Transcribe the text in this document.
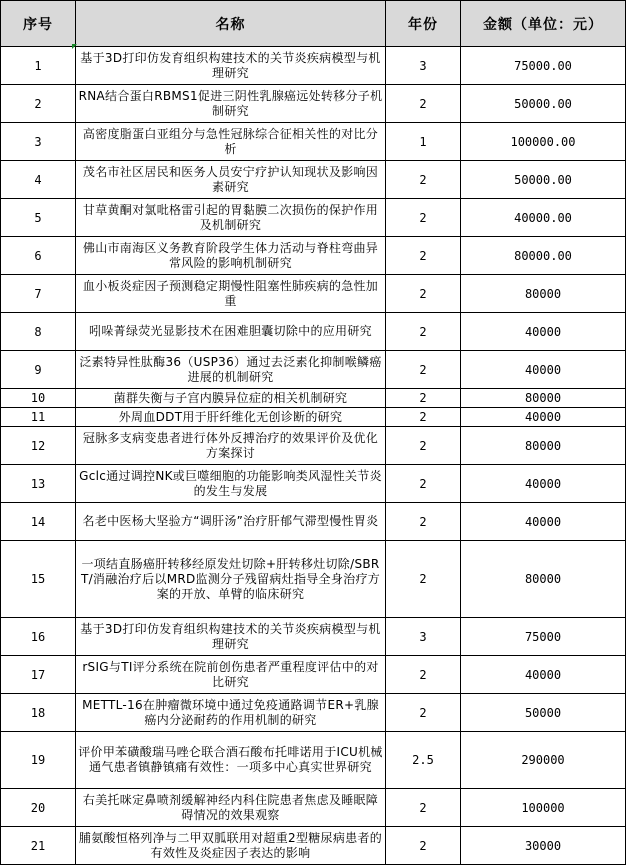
序号	名称	年份	金额（单位：元）
1	基于3D打印仿发育组织构建技术的关节炎疾病模型与机理研究	3	75000.00
2	RNA结合蛋白RBMS1促进三阴性乳腺癌远处转移分子机制研究	2	50000.00
3	高密度脂蛋白亚组分与急性冠脉综合征相关性的对比分析	1	100000.00
4	茂名市社区居民和医务人员安宁疗护认知现状及影响因素研究	2	50000.00
5	甘草黄酮对氯吡格雷引起的胃黏膜二次损伤的保护作用及机制研究	2	40000.00
6	佛山市南海区义务教育阶段学生体力活动与脊柱弯曲异常风险的影响机制研究	2	80000.00
7	血小板炎症因子预测稳定期慢性阻塞性肺疾病的急性加重	2	80000
8	吲哚菁绿荧光显影技术在困难胆囊切除中的应用研究	2	40000
9	泛素特异性肽酶36（USP36）通过去泛素化抑制喉鳞癌进展的机制研究	2	40000
10	菌群失衡与子宫内膜异位症的相关机制研究	2	80000
11	外周血DDT用于肝纤维化无创诊断的研究	2	40000
12	冠脉多支病变患者进行体外反搏治疗的效果评价及优化方案探讨	2	80000
13	Gclc通过调控NK或巨噬细胞的功能影响类风湿性关节炎的发生与发展	2	40000
14	名老中医杨大坚验方“调肝汤”治疗肝郁气滞型慢性胃炎	2	40000
15	一项结直肠癌肝转移经原发灶切除+肝转移灶切除/SBRT/消融治疗后以MRD监测分子残留病灶指导全身治疗方案的开放、单臂的临床研究	2	80000
16	基于3D打印仿发育组织构建技术的关节炎疾病模型与机理研究	3	75000
17	rSIG与TI评分系统在院前创伤患者严重程度评估中的对比研究	2	40000
18	METTL-16在肿瘤微环境中通过免疫通路调节ER+乳腺癌内分泌耐药的作用机制的研究	2	50000
19	评价甲苯磺酸瑞马唑仑联合酒石酸布托啡诺用于ICU机械通气患者镇静镇痛有效性：一项多中心真实世界研究	2.5	290000
20	右美托咪定鼻喷剂缓解神经内科住院患者焦虑及睡眠障碍情况的效果观察	2	100000
21	脯氨酸恒格列净与二甲双胍联用对超重2型糖尿病患者的有效性及炎症因子表达的影响	2	30000
